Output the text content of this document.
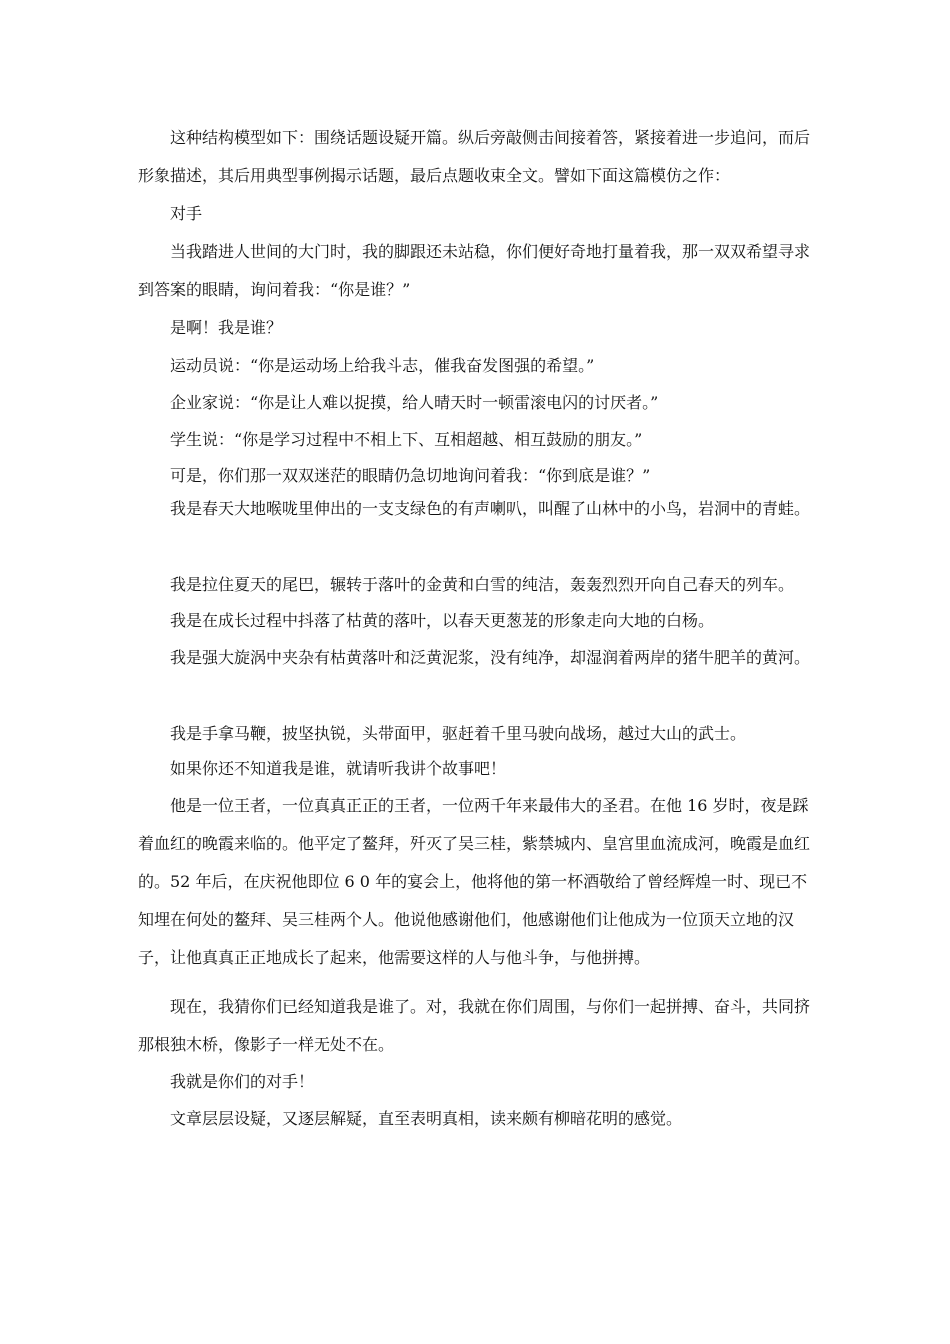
这种结构模型如下：围绕话题设疑开篇。纵后旁敲侧击间接着答，紧接着进一步追问，而后形象描述，其后用典型事例揭示话题，最后点题收束全文。譬如下面这篇模仿之作：

对手

当我踏进人世间的大门时，我的脚跟还未站稳，你们便好奇地打量着我，那一双双希望寻求到答案的眼睛，询问着我：“你是谁？”

是啊！我是谁？

运动员说：“你是运动场上给我斗志，催我奋发图强的希望。”

企业家说：“你是让人难以捉摸，给人晴天时一顿雷滚电闪的讨厌者。”

学生说：“你是学习过程中不相上下、互相超越、相互鼓励的朋友。”

可是，你们那一双双迷茫的眼睛仍急切地询问着我：“你到底是谁？”

我是春天大地喉咙里伸出的一支支绿色的有声喇叭，叫醒了山林中的小鸟，岩洞中的青蛙。

我是拉住夏天的尾巴，辗转于落叶的金黄和白雪的纯洁，轰轰烈烈开向自己春天的列车。

我是在成长过程中抖落了枯黄的落叶，以春天更葱茏的形象走向大地的白杨。

我是强大旋涡中夹杂有枯黄落叶和泛黄泥浆，没有纯净，却湿润着两岸的猪牛肥羊的黄河。

我是手拿马鞭，披坚执锐，头带面甲，驱赶着千里马驶向战场，越过大山的武士。

如果你还不知道我是谁，就请听我讲个故事吧！

他是一位王者，一位真真正正的王者，一位两千年来最伟大的圣君。在他 16 岁时，夜是踩着血红的晚霞来临的。他平定了鳌拜，歼灭了吴三桂，紫禁城内、皇宫里血流成河，晚霞是血红的。52 年后，在庆祝他即位 6 0 年的宴会上，他将他的第一杯酒敬给了曾经辉煌一时、现已不知埋在何处的鳌拜、吴三桂两个人。他说他感谢他们，他感谢他们让他成为一位顶天立地的汉子，让他真真正正地成长了起来，他需要这样的人与他斗争，与他拼搏。

现在，我猜你们已经知道我是谁了。对，我就在你们周围，与你们一起拼搏、奋斗，共同挤那根独木桥，像影子一样无处不在。

我就是你们的对手！

文章层层设疑，又逐层解疑，直至表明真相，读来颇有柳暗花明的感觉。
